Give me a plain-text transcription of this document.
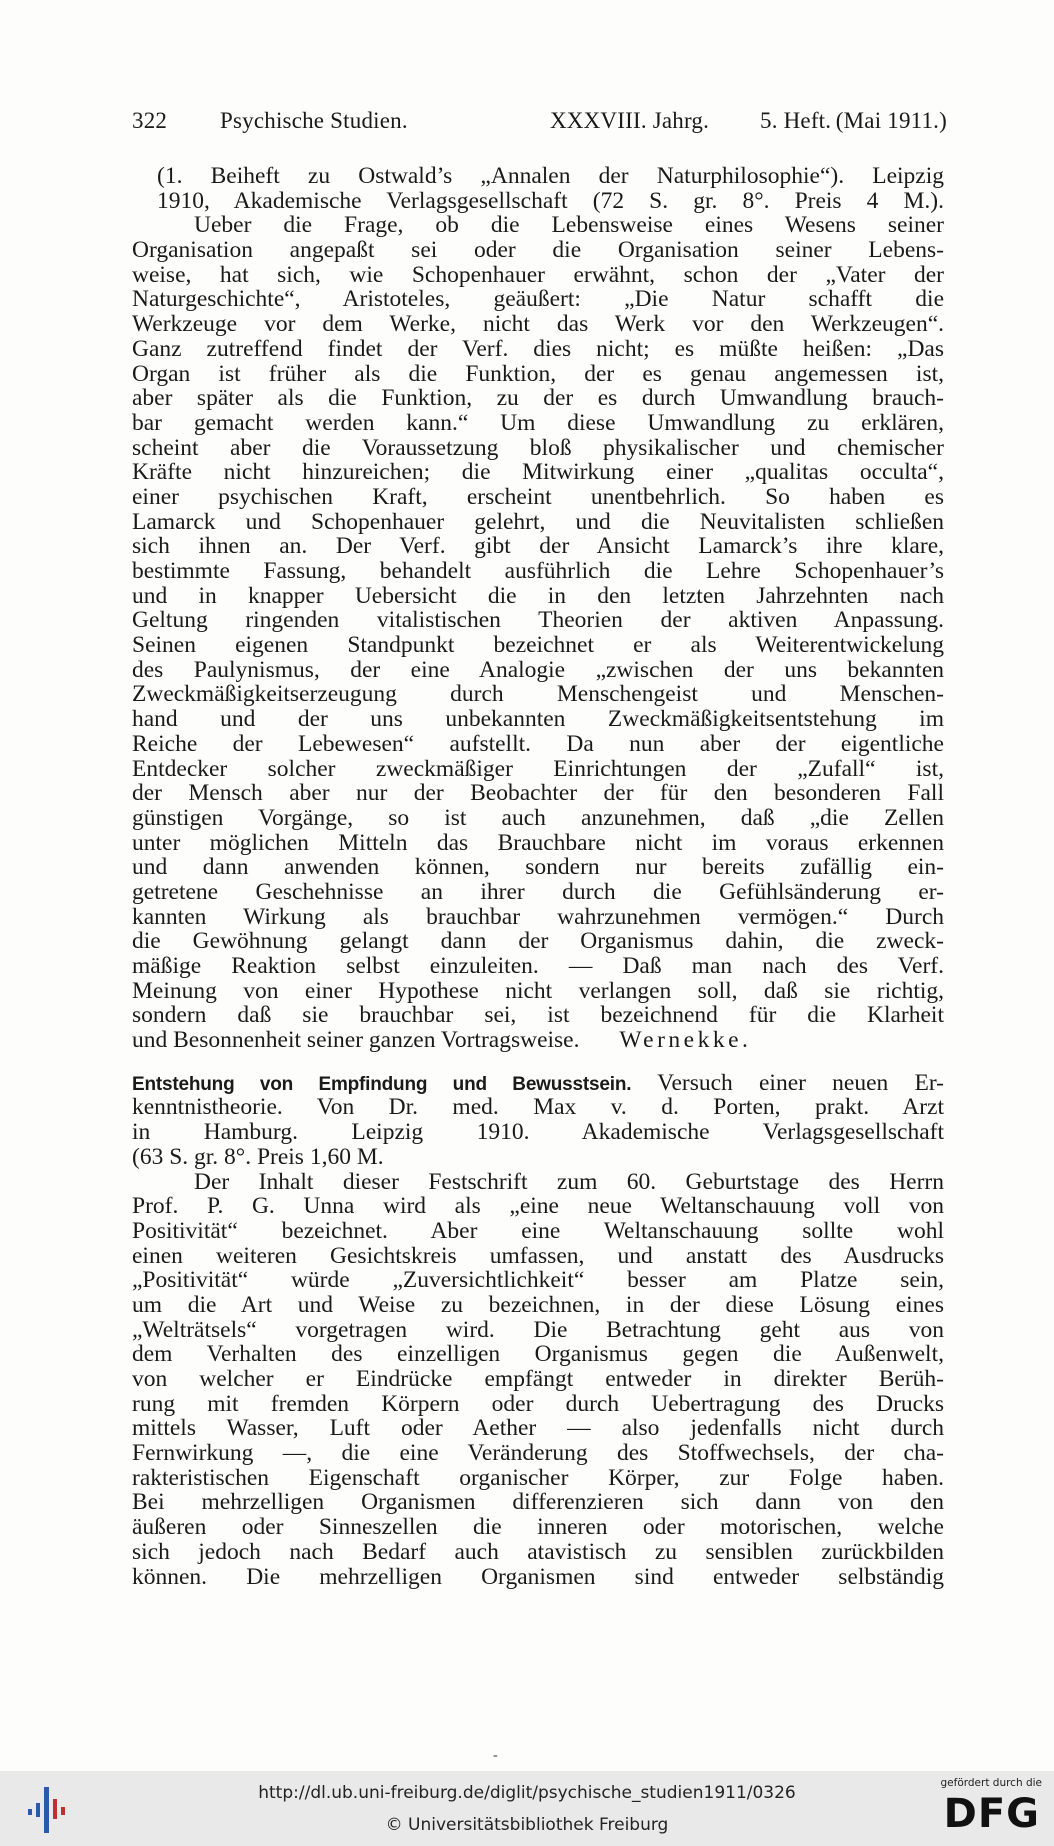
322 Psychische Studien.	XXXVIII. Jahrg. 5. Heft. (Mai 1911.)
(1. Beiheft zu Ostwald’s „Annalen der Naturphilosophie“). Leipzig
1910, Akademische Verlagsgesellschaft (72 S. gr. 8°. Preis 4 M.).
Ueber die Frage, ob die Lebensweise eines Wesens seiner
Organisation angepaßt sei oder die Organisation seiner Lebens-
weise, hat sich, wie Schopenhauer erwähnt, schon der „Vater der
Naturgeschichte“, Aristoteles, geäußert: „Die Natur schafft die
Werkzeuge vor dem Werke, nicht das Werk vor den Werkzeugen“.
Ganz zutreffend findet der Verf. dies nicht; es müßte heißen: „Das
Organ ist früher als die Funktion, der es genau angemessen ist,
aber später als die Funktion, zu der es durch Umwandlung brauch-
bar gemacht werden kann.“ Um diese Umwandlung zu erklären,
scheint aber die Voraussetzung bloß physikalischer und chemischer
Kräfte nicht hinzureichen; die Mitwirkung einer „qualitas occulta“,
einer psychischen Kraft, erscheint unentbehrlich. So haben es
Lamarck und Schopenhauer gelehrt, und die Neuvitalisten schließen
sich ihnen an. Der Verf. gibt der Ansicht Lamarck’s ihre klare,
bestimmte Fassung, behandelt ausführlich die Lehre Schopenhauer’s
und in knapper Uebersicht die in den letzten Jahrzehnten nach
Geltung ringenden vitalistischen Theorien der aktiven Anpassung.
Seinen eigenen Standpunkt bezeichnet er als Weiterentwickelung
des Paulynismus, der eine Analogie „zwischen der uns bekannten
Zweckmäßigkeitserzeugung durch Menschengeist und Menschen-
hand und der uns unbekannten Zweckmäßigkeitsentstehung im
Reiche der Lebewesen“ aufstellt. Da nun aber der eigentliche
Entdecker solcher zweckmäßiger Einrichtungen der „Zufall“ ist,
der Mensch aber nur der Beobachter der für den besonderen Fall
günstigen Vorgänge, so ist auch anzunehmen, daß „die Zellen
unter möglichen Mitteln das Brauchbare nicht im voraus erkennen
und dann anwenden können, sondern nur bereits zufällig ein-
getretene Geschehnisse an ihrer durch die Gefühlsänderung er-
kannten Wirkung als brauchbar wahrzunehmen vermögen.“ Durch
die Gewöhnung gelangt dann der Organismus dahin, die zweck-
mäßige Reaktion selbst einzuleiten. — Daß man nach des Verf.
Meinung von einer Hypothese nicht verlangen soll, daß sie richtig,
sondern daß sie brauchbar sei, ist bezeichnend für die Klarheit
und Besonnenheit seiner ganzen Vortragsweise. Wernekke.
Entstehung von Empfindung und Bewusstsein. Versuch einer neuen Er-
kenntnistheorie. Von Dr. med. Max v. d. Porten, prakt. Arzt
in Hamburg. Leipzig 1910. Akademische Verlagsgesellschaft
(63 S. gr. 8°. Preis 1,60 M.
Der Inhalt dieser Festschrift zum 60. Geburtstage des Herrn
Prof. P. G. Unna wird als „eine neue Weltanschauung voll von
Positivität“ bezeichnet. Aber eine Weltanschauung sollte wohl
einen weiteren Gesichtskreis umfassen, und anstatt des Ausdrucks
„Positivität“ würde „Zuversichtlichkeit“ besser am Platze sein,
um die Art und Weise zu bezeichnen, in der diese Lösung eines
„Welträtsels“ vorgetragen wird. Die Betrachtung geht aus von
dem Verhalten des einzelligen Organismus gegen die Außenwelt,
von welcher er Eindrücke empfängt entweder in direkter Berüh-
rung mit fremden Körpern oder durch Uebertragung des Drucks
mittels Wasser, Luft oder Aether — also jedenfalls nicht durch
Fernwirkung —, die eine Veränderung des Stoffwechsels, der cha-
rakteristischen Eigenschaft organischer Körper, zur Folge haben.
Bei mehrzelligen Organismen differenzieren sich dann von den
äußeren oder Sinneszellen die inneren oder motorischen, welche
sich jedoch nach Bedarf auch atavistisch zu sensiblen zurückbilden
können. Die mehrzelligen Organismen sind entweder selbständig
-
http://dl.ub.uni-freiburg.de/diglit/psychische_studien1911/0326
© Universitätsbibliothek Freiburg
gefördert durch die
DFG
